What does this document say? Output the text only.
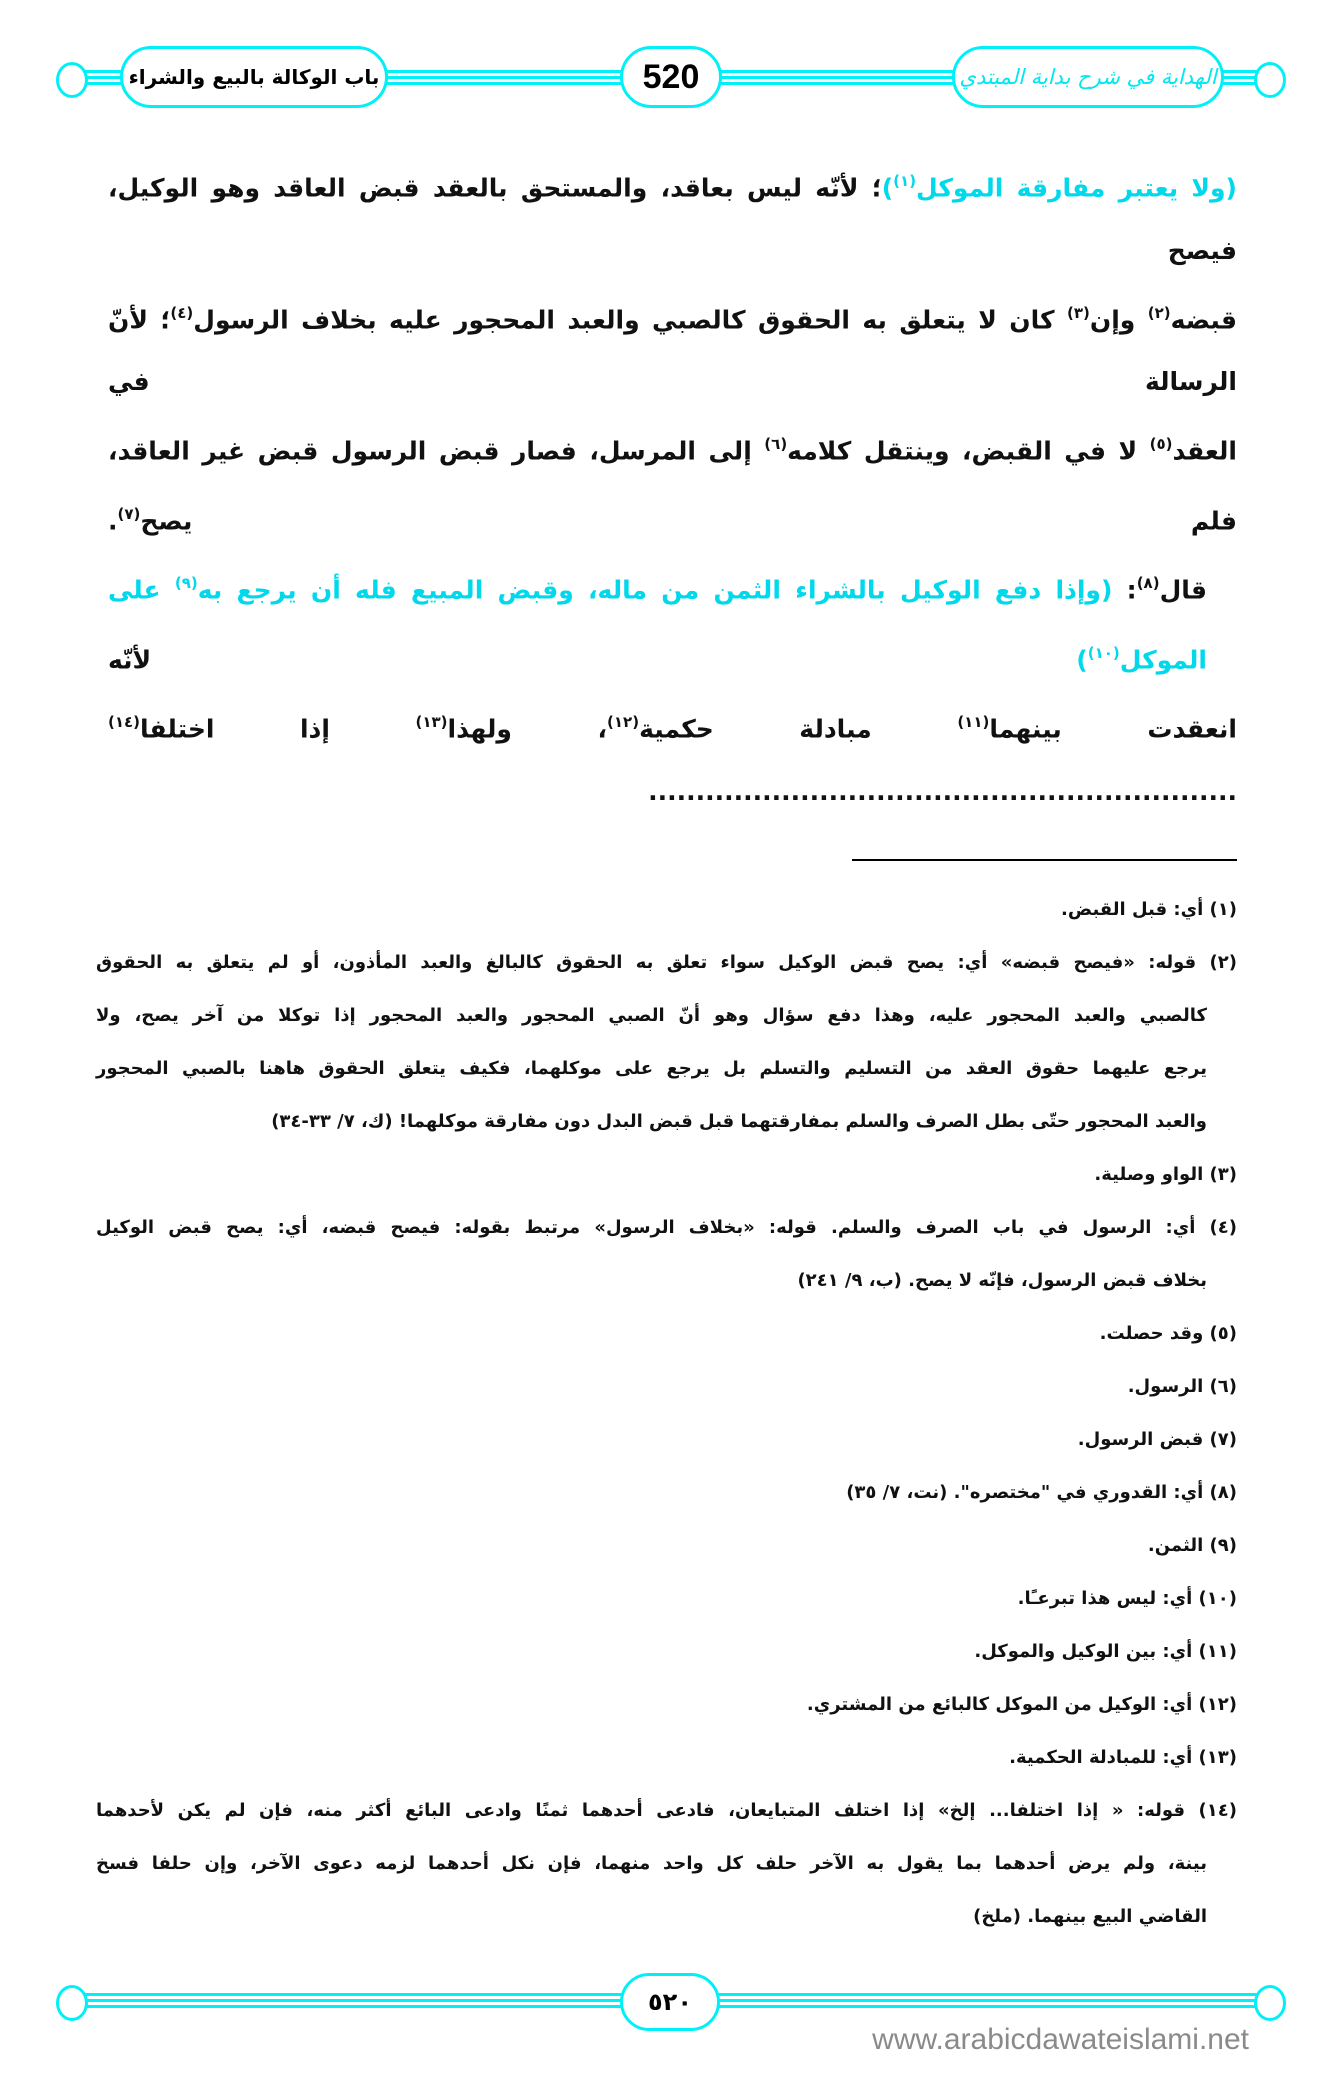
باب الوكالة بالبيع والشراء	520	الهداية في شرح بداية المبتدي
(ولا يعتبر مفارقة الموكل$^{(١)}$)؛ لأنّه ليس بعاقد، والمستحق بالعقد قبض العاقد وهو الوكيل، فيصح
قبضه$^{(٢)}$ وإن$^{(٣)}$ كان لا يتعلق به الحقوق كالصبي والعبد المحجور عليه بخلاف الرسول$^{(٤)}$؛ لأنّ الرسالة في
العقد$^{(٥)}$ لا في القبض، وينتقل كلامه$^{(٦)}$ إلى المرسل، فصار قبض الرسول قبض غير العاقد، فلم يصح$^{(٧)}$.
قال$^{(٨)}$: (وإذا دفع الوكيل بالشراء الثمن من ماله، وقبض المبيع فله أن يرجع به$^{(٩)}$ على الموكل$^{(١٠)}$) لأنّه
انعقدت بينهما$^{(١١)}$ مبادلة حكمية$^{(١٢)}$، ولهذا$^{(١٣)}$ إذا اختلفا$^{(١٤)}$ ..............................................................
(١) أي: قبل القبض.
(٢) قوله: «فيصح قبضه» أي: يصح قبض الوكيل سواء تعلق به الحقوق كالبالغ والعبد المأذون، أو لم يتعلق به الحقوق
كالصبي والعبد المحجور عليه، وهذا دفع سؤال وهو أنّ الصبي المحجور والعبد المحجور إذا توكلا من آخر يصح، ولا
يرجع عليهما حقوق العقد من التسليم والتسلم بل يرجع على موكلهما، فكيف يتعلق الحقوق هاهنا بالصبي المحجور
والعبد المحجور حتّى بطل الصرف والسلم بمفارقتهما قبل قبض البدل دون مفارقة موكلهما! (ك، ٧/ ٣٣-٣٤)
(٣) الواو وصلية.
(٤) أي: الرسول في باب الصرف والسلم. قوله: «بخلاف الرسول» مرتبط بقوله: فيصح قبضه، أي: يصح قبض الوكيل
بخلاف قبض الرسول، فإنّه لا يصح. (ب، ٩/ ٢٤١)
(٥) وقد حصلت.
(٦) الرسول.
(٧) قبض الرسول.
(٨) أي: القدوري في "مختصره". (نت، ٧/ ٣٥)
(٩) الثمن.
(١٠) أي: ليس هذا تبرعـًا.
(١١) أي: بين الوكيل والموكل.
(١٢) أي: الوكيل من الموكل كالبائع من المشتري.
(١٣) أي: للمبادلة الحكمية.
(١٤) قوله: « إذا اختلفا... إلخ» إذا اختلف المتبايعان، فادعى أحدهما ثمنًا وادعى البائع أكثر منه، فإن لم يكن لأحدهما
بينة، ولم يرض أحدهما بما يقول به الآخر حلف كل واحد منهما، فإن نكل أحدهما لزمه دعوى الآخر، وإن حلفا فسخ
القاضي البيع بينهما. (ملخ)
٥٢٠
www.arabicdawateislami.net
